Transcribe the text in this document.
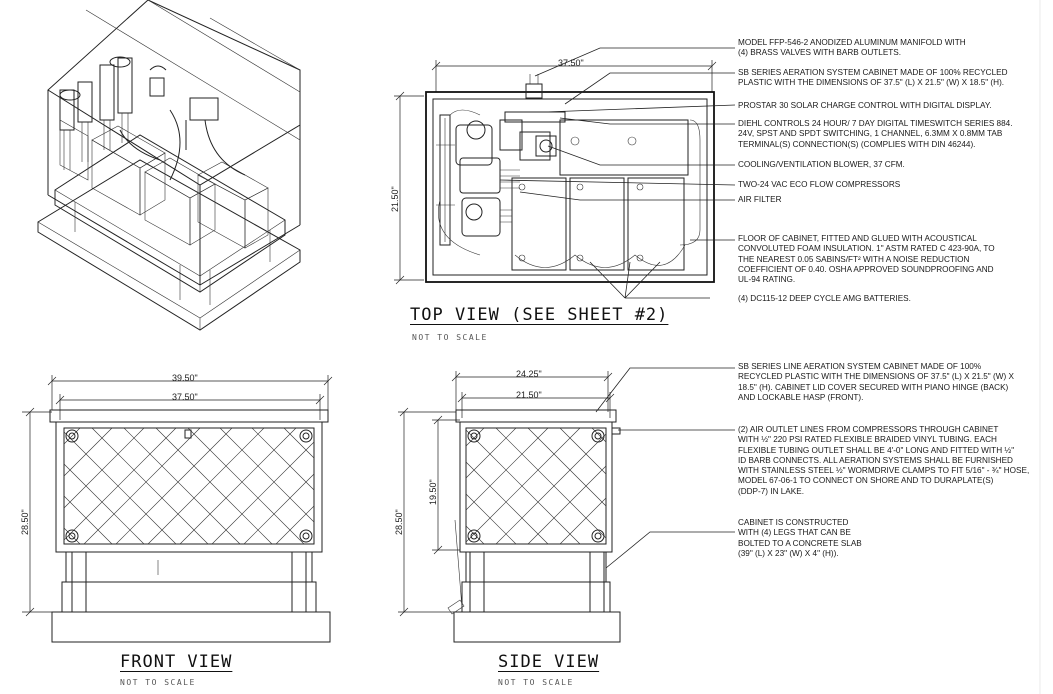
37.50"
21.50"
39.50"
37.50"
28.50"
24.25"
21.50"
19.50"
28.50"
TOP VIEW (SEE SHEET #2)
NOT TO SCALE
FRONT VIEW
NOT TO SCALE
SIDE VIEW
NOT TO SCALE
MODEL FFP-546-2 ANODIZED ALUMINUM MANIFOLD WITH
(4) BRASS VALVES WITH BARB OUTLETS.
SB SERIES AERATION SYSTEM CABINET MADE OF 100% RECYCLED
PLASTIC WITH THE DIMENSIONS OF 37.5" (L) X 21.5" (W) X 18.5" (H).
PROSTAR 30 SOLAR CHARGE CONTROL WITH DIGITAL DISPLAY.
DIEHL CONTROLS 24 HOUR/ 7 DAY DIGITAL TIMESWITCH SERIES 884.
24V, SPST AND SPDT SWITCHING, 1 CHANNEL, 6.3MM X 0.8MM TAB
TERMINAL(S) CONNECTION(S) (COMPLIES WITH DIN 46244).
COOLING/VENTILATION BLOWER, 37 CFM.
TWO-24 VAC ECO FLOW COMPRESSORS
AIR FILTER
FLOOR OF CABINET, FITTED AND GLUED WITH ACOUSTICAL
CONVOLUTED FOAM INSULATION. 1" ASTM RATED C 423-90A, TO
THE NEAREST 0.05 SABINS/FT² WITH A NOISE REDUCTION
COEFFICIENT OF 0.40. OSHA APPROVED SOUNDPROOFING AND
UL-94 RATING.
(4) DC115-12 DEEP CYCLE AMG BATTERIES.
SB SERIES LINE AERATION SYSTEM CABINET MADE OF 100%
RECYCLED PLASTIC WITH THE DIMENSIONS OF 37.5" (L) X 21.5" (W) X
18.5" (H). CABINET LID COVER SECURED WITH PIANO HINGE (BACK)
AND LOCKABLE HASP (FRONT).
(2) AIR OUTLET LINES FROM COMPRESSORS THROUGH CABINET
WITH ½" 220 PSI RATED FLEXIBLE BRAIDED VINYL TUBING. EACH
FLEXIBLE TUBING OUTLET SHALL BE 4'-0" LONG AND FITTED WITH ½"
ID BARB CONNECTS. ALL AERATION SYSTEMS SHALL BE FURNISHED
WITH STAINLESS STEEL ½" WORMDRIVE CLAMPS TO FIT 5/16" - ¾" HOSE,
MODEL 67-06-1 TO CONNECT ON SHORE AND TO DURAPLATE(S)
(DDP-7) IN LAKE.
CABINET IS CONSTRUCTED
WITH (4) LEGS THAT CAN BE
BOLTED TO A CONCRETE SLAB
(39" (L) X 23" (W) X 4" (H)).
